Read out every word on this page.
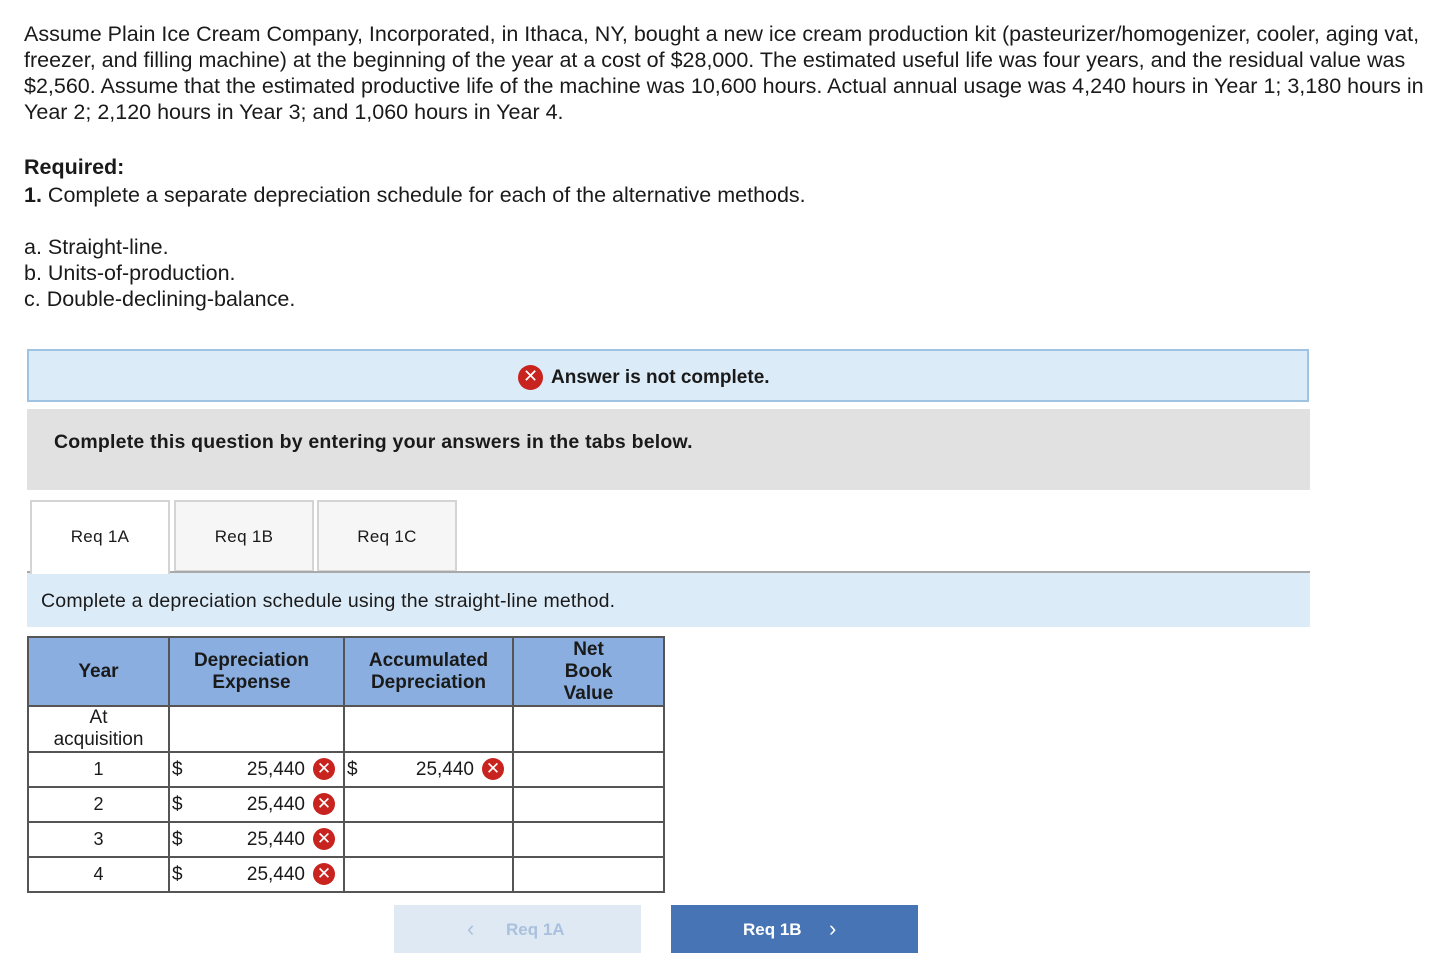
Assume Plain Ice Cream Company, Incorporated, in Ithaca, NY, bought a new ice cream production kit (pasteurizer/homogenizer, cooler, aging vat, freezer, and filling machine) at the beginning of the year at a cost of $28,000. The estimated useful life was four years, and the residual value was $2,560. Assume that the estimated productive life of the machine was 10,600 hours. Actual annual usage was 4,240 hours in Year 1; 3,180 hours in Year 2; 2,120 hours in Year 3; and 1,060 hours in Year 4.

Required:
1. Complete a separate depreciation schedule for each of the alternative methods.
a. Straight-line.
b. Units-of-production.
c. Double-declining-balance.
✕ Answer is not complete.
Complete this question by entering your answers in the tabs below.
Req 1A	Req 1B	Req 1C
Complete a depreciation schedule using the straight-line method.
Year	Depreciation Expense	Accumulated Depreciation	Net Book Value
At acquisition			
1	$ 25,440 ✕	$ 25,440 ✕	

2	$ 25,440 ✕		

3	$ 25,440 ✕		

4	$ 25,440 ✕		

‹ Req 1A	Req 1B ›
